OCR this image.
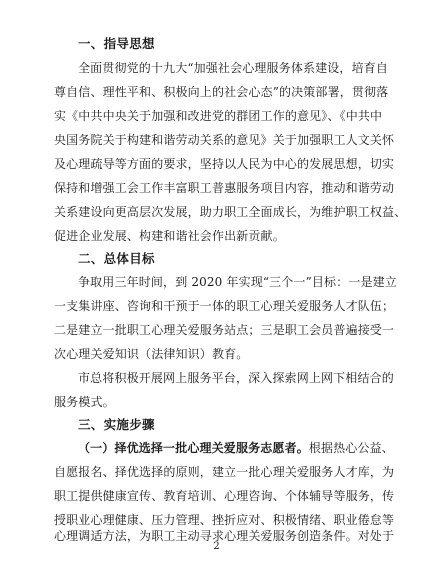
一、指导思想
全面贯彻党的十九大“加强社会心理服务体系建设，培育自
尊自信、理性平和、积极向上的社会心态”的决策部署，贯彻落
实《中共中央关于加强和改进党的群团工作的意见》、《中共中
央国务院关于构建和谐劳动关系的意见》关于加强职工人文关怀
及心理疏导等方面的要求，坚持以人民为中心的发展思想，切实
保持和增强工会工作丰富职工普惠服务项目内容，推动和谐劳动
关系建设向更高层次发展，助力职工全面成长，为维护职工权益、
促进企业发展、构建和谐社会作出新贡献。
二、总体目标
争取用三年时间，到 2020 年实现“三个一”目标：一是建立
一支集讲座、咨询和干预于一体的职工心理关爱服务人才队伍；
二是建立一批职工心理关爱服务站点；三是职工会员普遍接受一
次心理关爱知识（法律知识）教育。
市总将积极开展网上服务平台，深入探索网上网下相结合的
服务模式。
三、实施步骤
（一）择优选择一批心理关爱服务志愿者。根据热心公益、
自愿报名、择优选择的原则，建立一批心理关爱服务人才库，为
职工提供健康宣传、教育培训、心理咨询、个体辅导等服务，传
授职业心理健康、压力管理、挫折应对、积极情绪、职业倦怠等
心理调适方法，为职工主动寻求心理关爱服务创造条件。对处于
2
